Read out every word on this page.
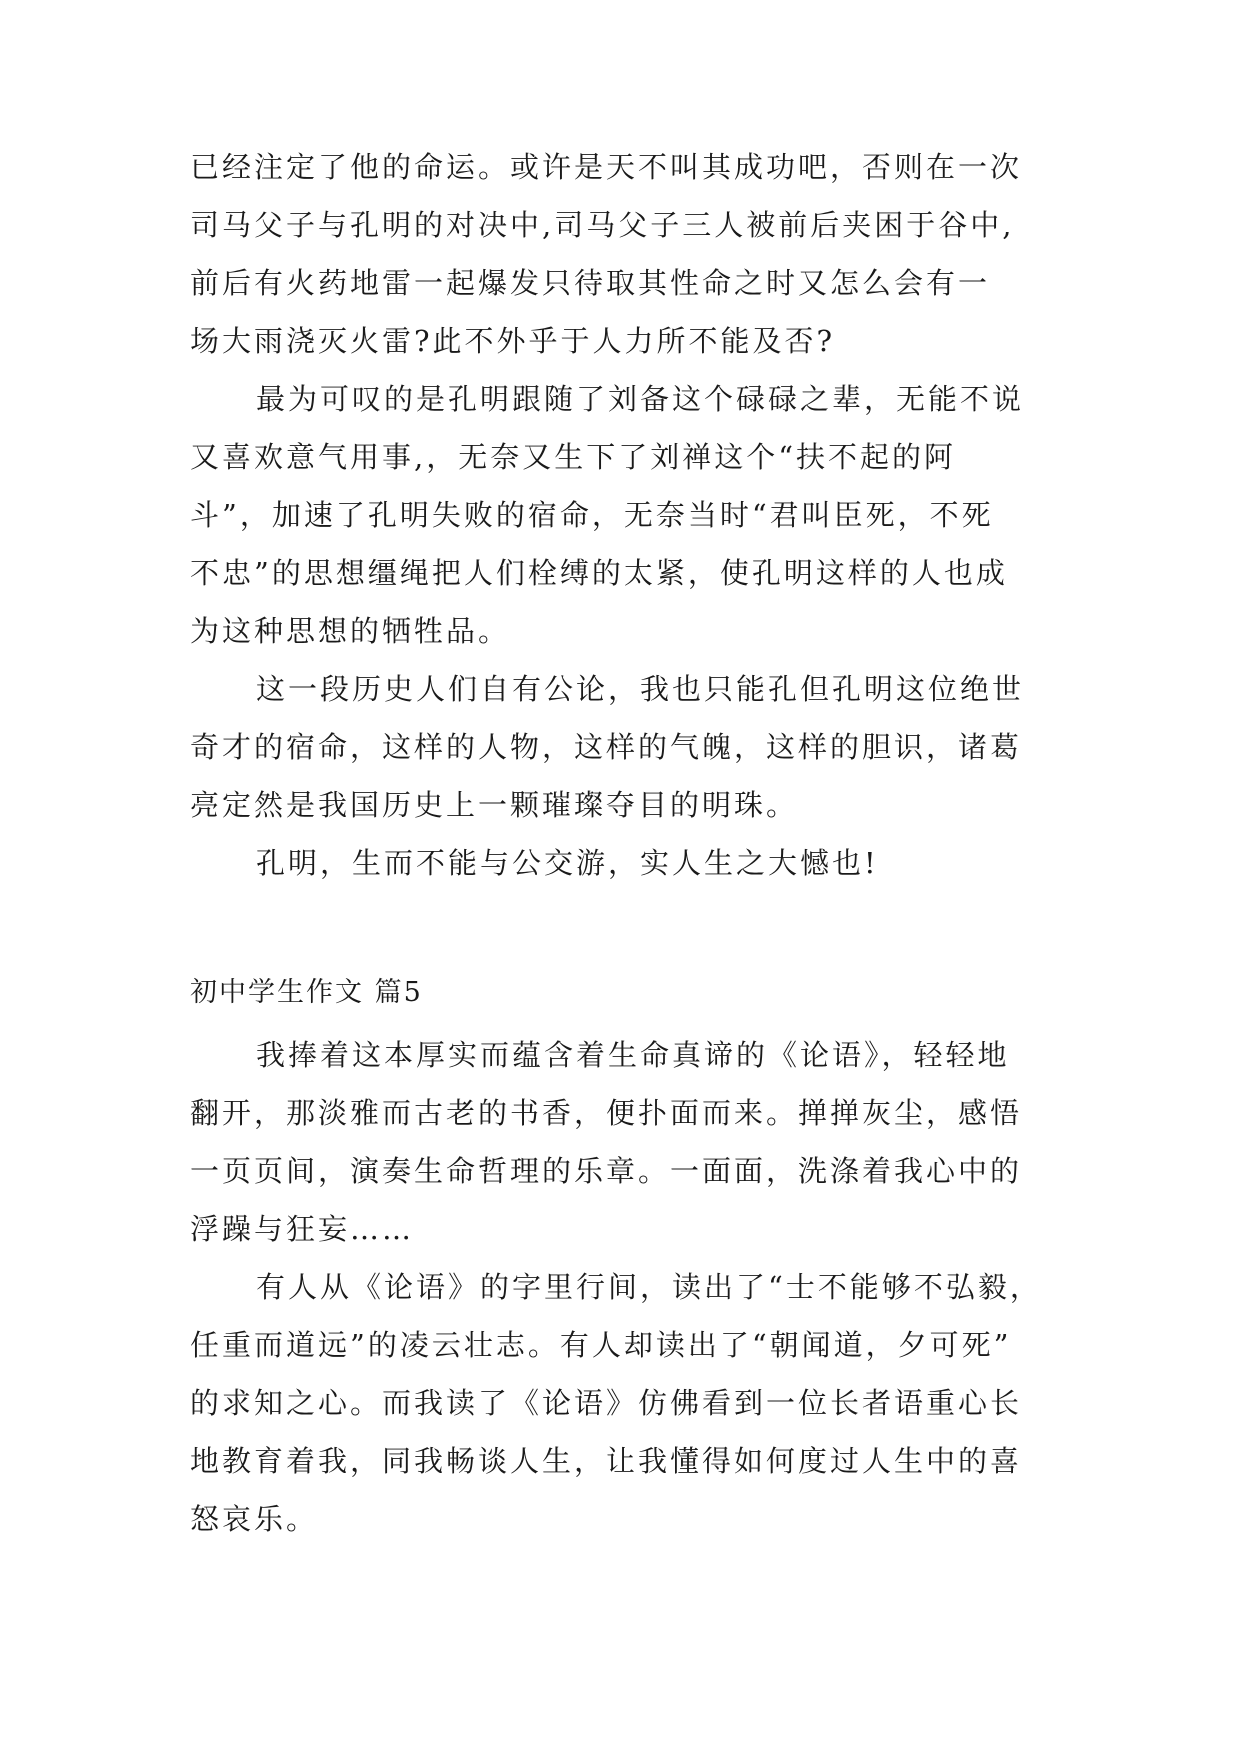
已经注定了他的命运。或许是天不叫其成功吧，否则在一次
司马父子与孔明的对决中,司马父子三人被前后夹困于谷中,
前后有火药地雷一起爆发只待取其性命之时又怎么会有一
场大雨浇灭火雷?此不外乎于人力所不能及否?
最为可叹的是孔明跟随了刘备这个碌碌之辈，无能不说
又喜欢意气用事,，无奈又生下了刘禅这个“扶不起的阿
斗”，加速了孔明失败的宿命，无奈当时“君叫臣死，不死
不忠”的思想缰绳把人们栓缚的太紧，使孔明这样的人也成
为这种思想的牺牲品。
这一段历史人们自有公论，我也只能孔但孔明这位绝世
奇才的宿命，这样的人物，这样的气魄，这样的胆识，诸葛
亮定然是我国历史上一颗璀璨夺目的明珠。
孔明，生而不能与公交游，实人生之大憾也!
初中学生作文 篇5
我捧着这本厚实而蕴含着生命真谛的《论语》，轻轻地
翻开，那淡雅而古老的书香，便扑面而来。掸掸灰尘，感悟
一页页间，演奏生命哲理的乐章。一面面，洗涤着我心中的
浮躁与狂妄……
有人从《论语》的字里行间，读出了“士不能够不弘毅，
任重而道远”的凌云壮志。有人却读出了“朝闻道，夕可死”
的求知之心。而我读了《论语》仿佛看到一位长者语重心长
地教育着我，同我畅谈人生，让我懂得如何度过人生中的喜
怒哀乐。
